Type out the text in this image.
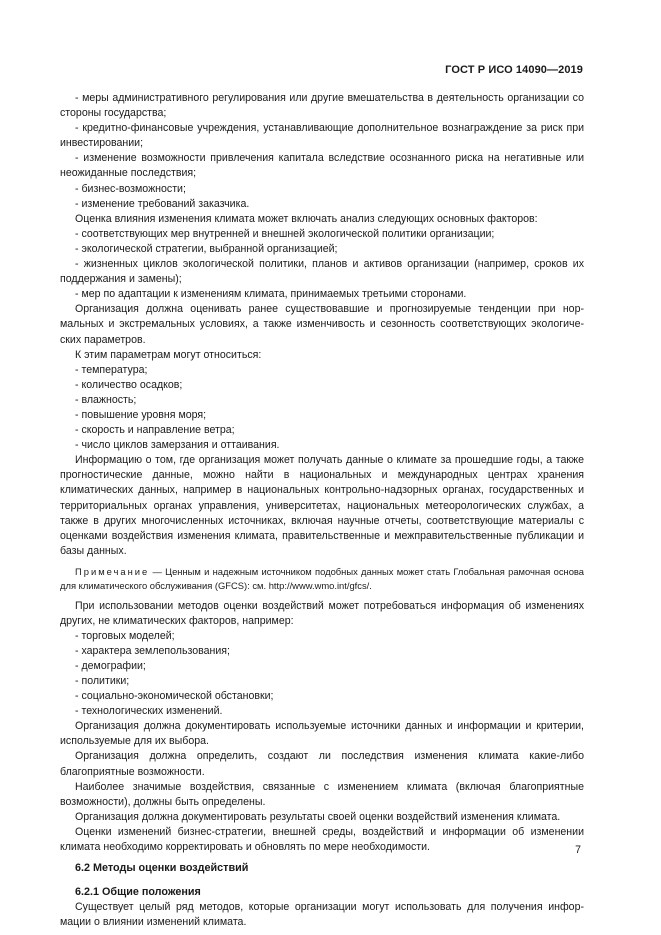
ГОСТ Р ИСО 14090—2019

- меры административного регулирования или другие вмешательства в деятельность организации со стороны государства;

- кредитно-финансовые учреждения, устанавливающие дополнительное вознаграждение за риск при инвестировании;

- изменение возможности привлечения капитала вследствие осознанного риска на негативные или неожиданные последствия;

- бизнес-возможности;

- изменение требований заказчика.

Оценка влияния изменения климата может включать анализ следующих основных факторов:

- соответствующих мер внутренней и внешней экологической политики организации;

- экологической стратегии, выбранной организацией;

- жизненных циклов экологической политики, планов и активов организации (например, сроков их поддержания и замены);

- мер по адаптации к изменениям климата, принимаемых третьими сторонами.

Организация должна оценивать ранее существовавшие и прогнозируемые тенденции при нор-мальных и экстремальных условиях, а также изменчивость и сезонность соответствующих экологиче-ских параметров.

К этим параметрам могут относиться:

- температура;

- количество осадков;

- влажность;

- повышение уровня моря;

- скорость и направление ветра;

- число циклов замерзания и оттаивания.

Информацию о том, где организация может получать данные о климате за прошедшие годы, а также прогностические данные, можно найти в национальных и международных центрах хранения климатических данных, например в национальных контрольно-надзорных органах, государственных и территориальных органах управления, университетах, национальных метеорологических службах, а также в других многочисленных источниках, включая научные отчеты, соответствующие материалы с оценками воздействия изменения климата, правительственные и межправительственные публикации и базы данных.

Примечание — Ценным и надежным источником подобных данных может стать Глобальная рамочная основа для климатического обслуживания (GFCS): см. http://www.wmo.int/gfcs/.

При использовании методов оценки воздействий может потребоваться информация об изменениях других, не климатических факторов, например:

- торговых моделей;

- характера землепользования;

- демографии;

- политики;

- социально-экономической обстановки;

- технологических изменений.

Организация должна документировать используемые источники данных и информации и критерии, используемые для их выбора.

Организация должна определить, создают ли последствия изменения климата какие-либо благоприятные возможности.

Наиболее значимые воздействия, связанные с изменением климата (включая благоприятные возможности), должны быть определены.

Организация должна документировать результаты своей оценки воздействий изменения климата.

Оценки изменений бизнес-стратегии, внешней среды, воздействий и информации об изменении климата необходимо корректировать и обновлять по мере необходимости.

6.2 Методы оценки воздействий
6.2.1 Общие положения

Существует целый ряд методов, которые организации могут использовать для получения инфор-мации о влиянии изменений климата.

7
